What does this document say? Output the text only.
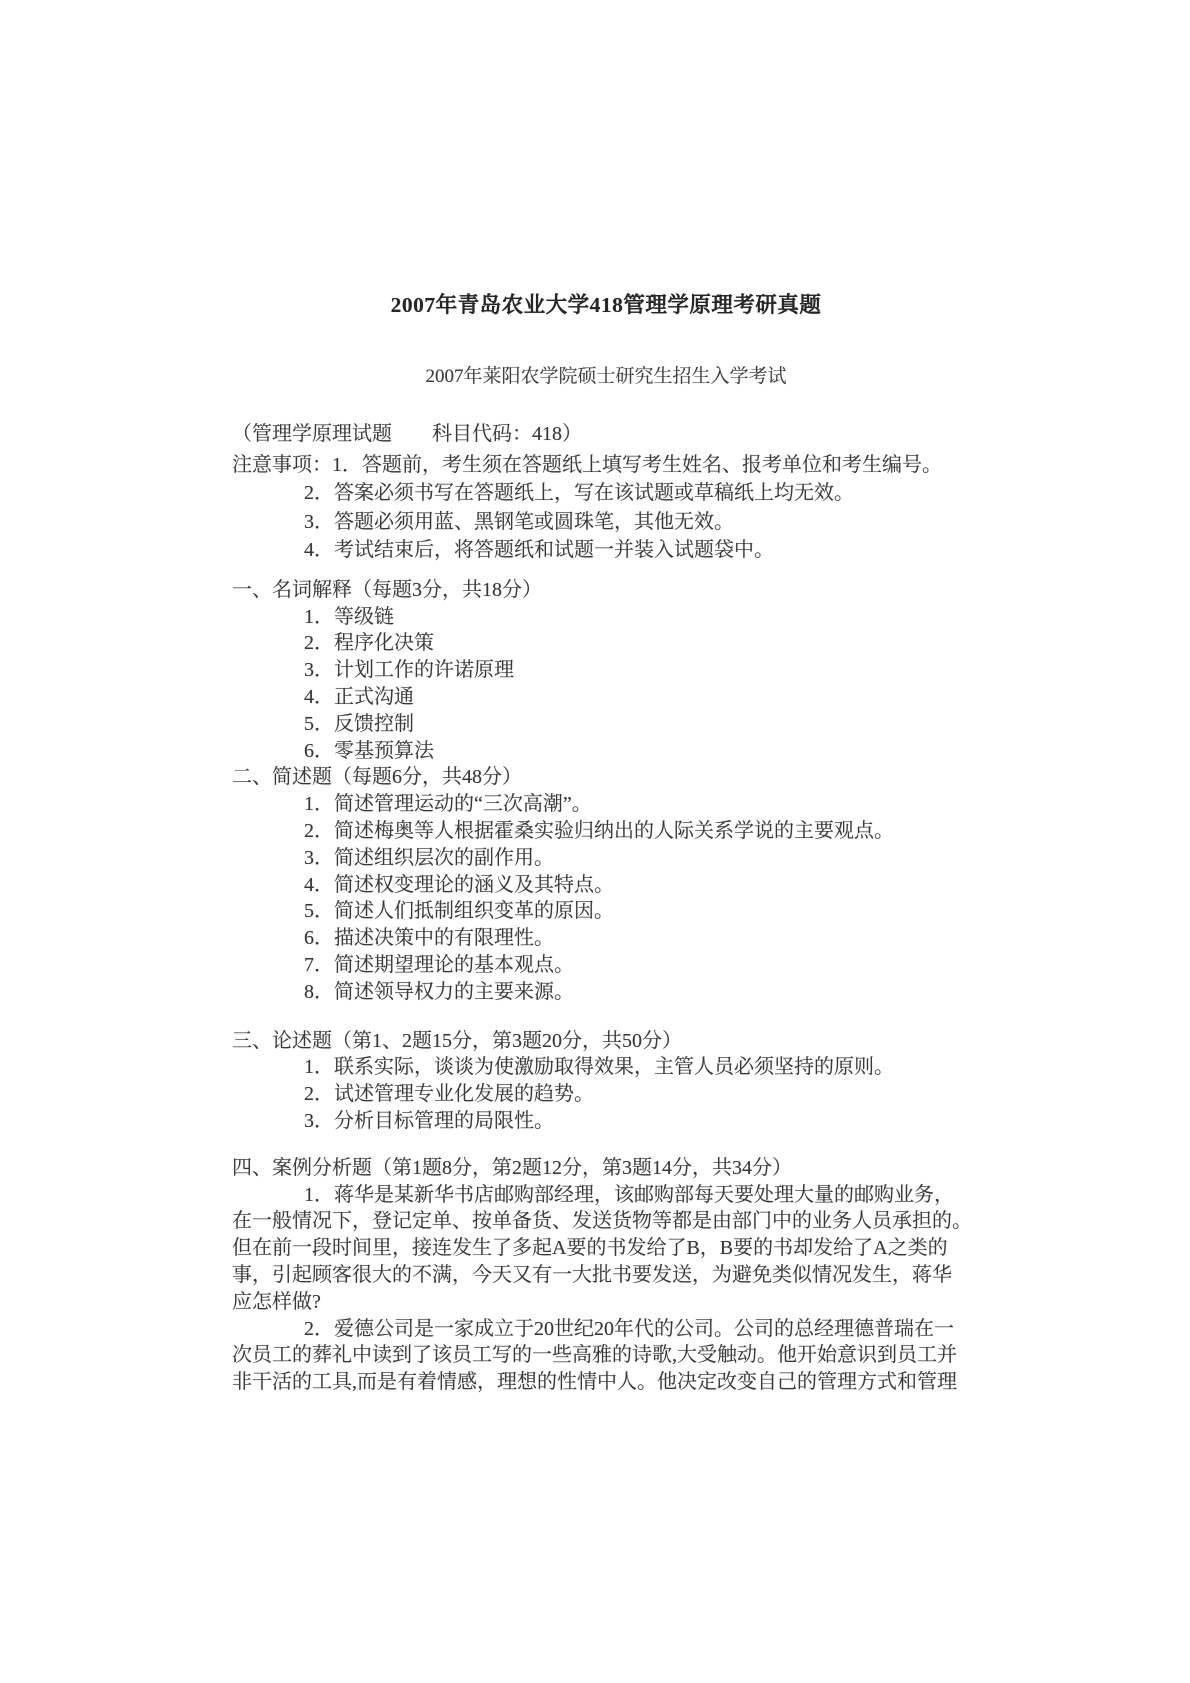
2007年青岛农业大学418管理学原理考研真题
2007年莱阳农学院硕士研究生招生入学考试
（管理学原理试题　　科目代码：418）
注意事项：1．答题前，考生须在答题纸上填写考生姓名、报考单位和考生编号。
2．答案必须书写在答题纸上，写在该试题或草稿纸上均无效。
3．答题必须用蓝、黑钢笔或圆珠笔，其他无效。
4．考试结束后，将答题纸和试题一并装入试题袋中。
一、名词解释（每题3分，共18分）
1．等级链
2．程序化决策
3．计划工作的许诺原理
4．正式沟通
5．反馈控制
6．零基预算法
二、简述题（每题6分，共48分）
1．简述管理运动的“三次高潮”。
2．简述梅奥等人根据霍桑实验归纳出的人际关系学说的主要观点。
3．简述组织层次的副作用。
4．简述权变理论的涵义及其特点。
5．简述人们抵制组织变革的原因。
6．描述决策中的有限理性。
7．简述期望理论的基本观点。
8．简述领导权力的主要来源。
三、论述题（第1、2题15分，第3题20分，共50分）
1．联系实际，谈谈为使激励取得效果，主管人员必须坚持的原则。
2．试述管理专业化发展的趋势。
3．分析目标管理的局限性。
四、案例分析题（第1题8分，第2题12分，第3题14分，共34分）
1．蒋华是某新华书店邮购部经理，该邮购部每天要处理大量的邮购业务，
在一般情况下，登记定单、按单备货、发送货物等都是由部门中的业务人员承担的。
但在前一段时间里，接连发生了多起A要的书发给了B，B要的书却发给了A之类的
事，引起顾客很大的不满，今天又有一大批书要发送，为避免类似情况发生，蒋华
应怎样做?
2．爱德公司是一家成立于20世纪20年代的公司。公司的总经理德普瑞在一
次员工的葬礼中读到了该员工写的一些高雅的诗歌,大受触动。他开始意识到员工并
非干活的工具,而是有着情感，理想的性情中人。他决定改变自己的管理方式和管理
